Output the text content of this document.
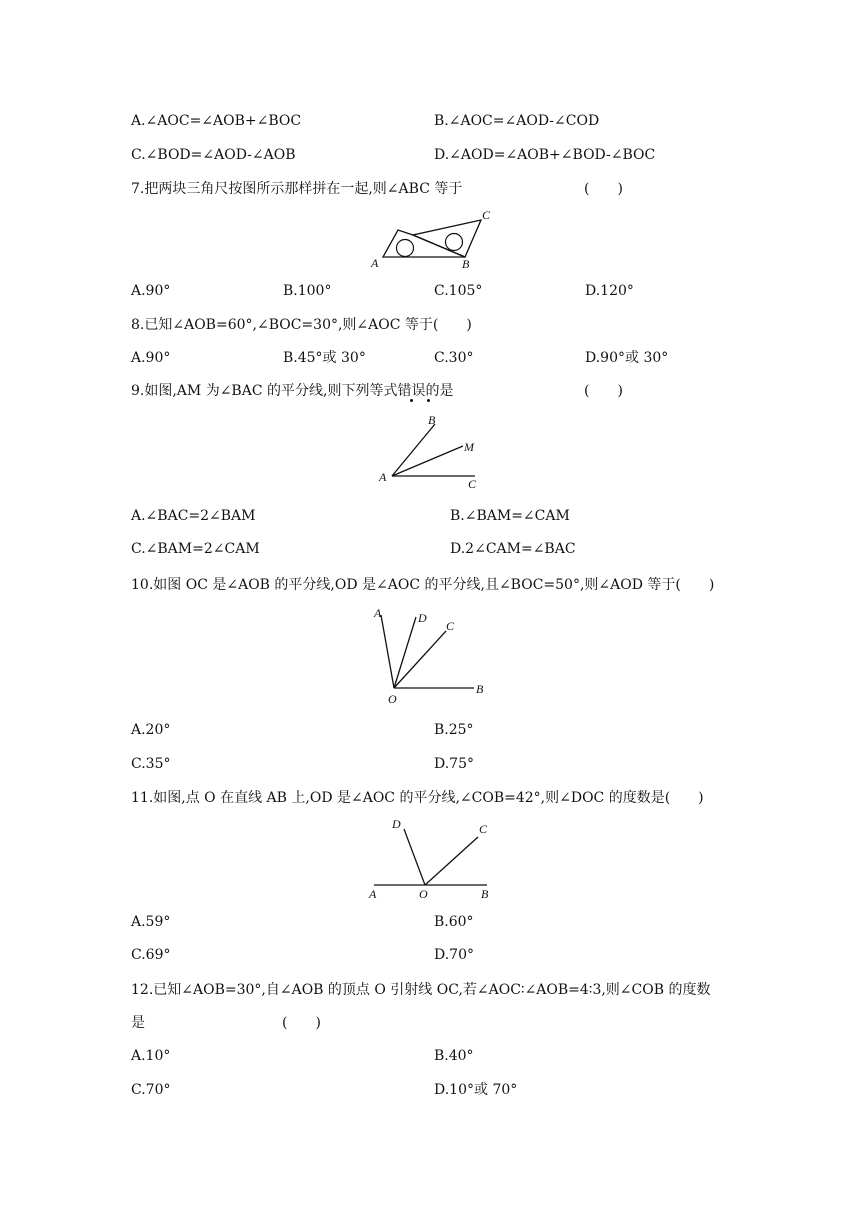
A.∠AOC=∠AOB+∠BOC	B.∠AOC=∠AOD-∠COD
C.∠BOD=∠AOD-∠AOB	D.∠AOD=∠AOB+∠BOD-∠BOC
7.把两块三角尺按图所示那样拼在一起,则∠ABC 等于	(　　)
A	B
C
A.90°	B.100°	C.105°	D.120°
8.已知∠AOB=60°,∠BOC=30°,则∠AOC 等于(　　)
A.90°	B.45°或 30°	C.30°	D.90°或 30°
9.如图,AM 为∠BAC 的平分线,则下列等式错误的是	(　　)
A
B
M
C
A.∠BAC=2∠BAM	B.∠BAM=∠CAM
C.∠BAM=2∠CAM	D.2∠CAM=∠BAC
10.如图 OC 是∠AOB 的平分线,OD 是∠AOC 的平分线,且∠BOC=50°,则∠AOD 等于(　　)
A	D
C
O
B
A.20°	B.25°
C.35°	D.75°
11.如图,点 O 在直线 AB 上,OD 是∠AOC 的平分线,∠COB=42°,则∠DOC 的度数是(　　)
D	C
A	O	B
A.59°	B.60°
C.69°	D.70°
12.已知∠AOB=30°,自∠AOB 的顶点 O 引射线 OC,若∠AOC∶∠AOB=4∶3,则∠COB 的度数
是	(　　)
A.10°	B.40°
C.70°	D.10°或 70°
